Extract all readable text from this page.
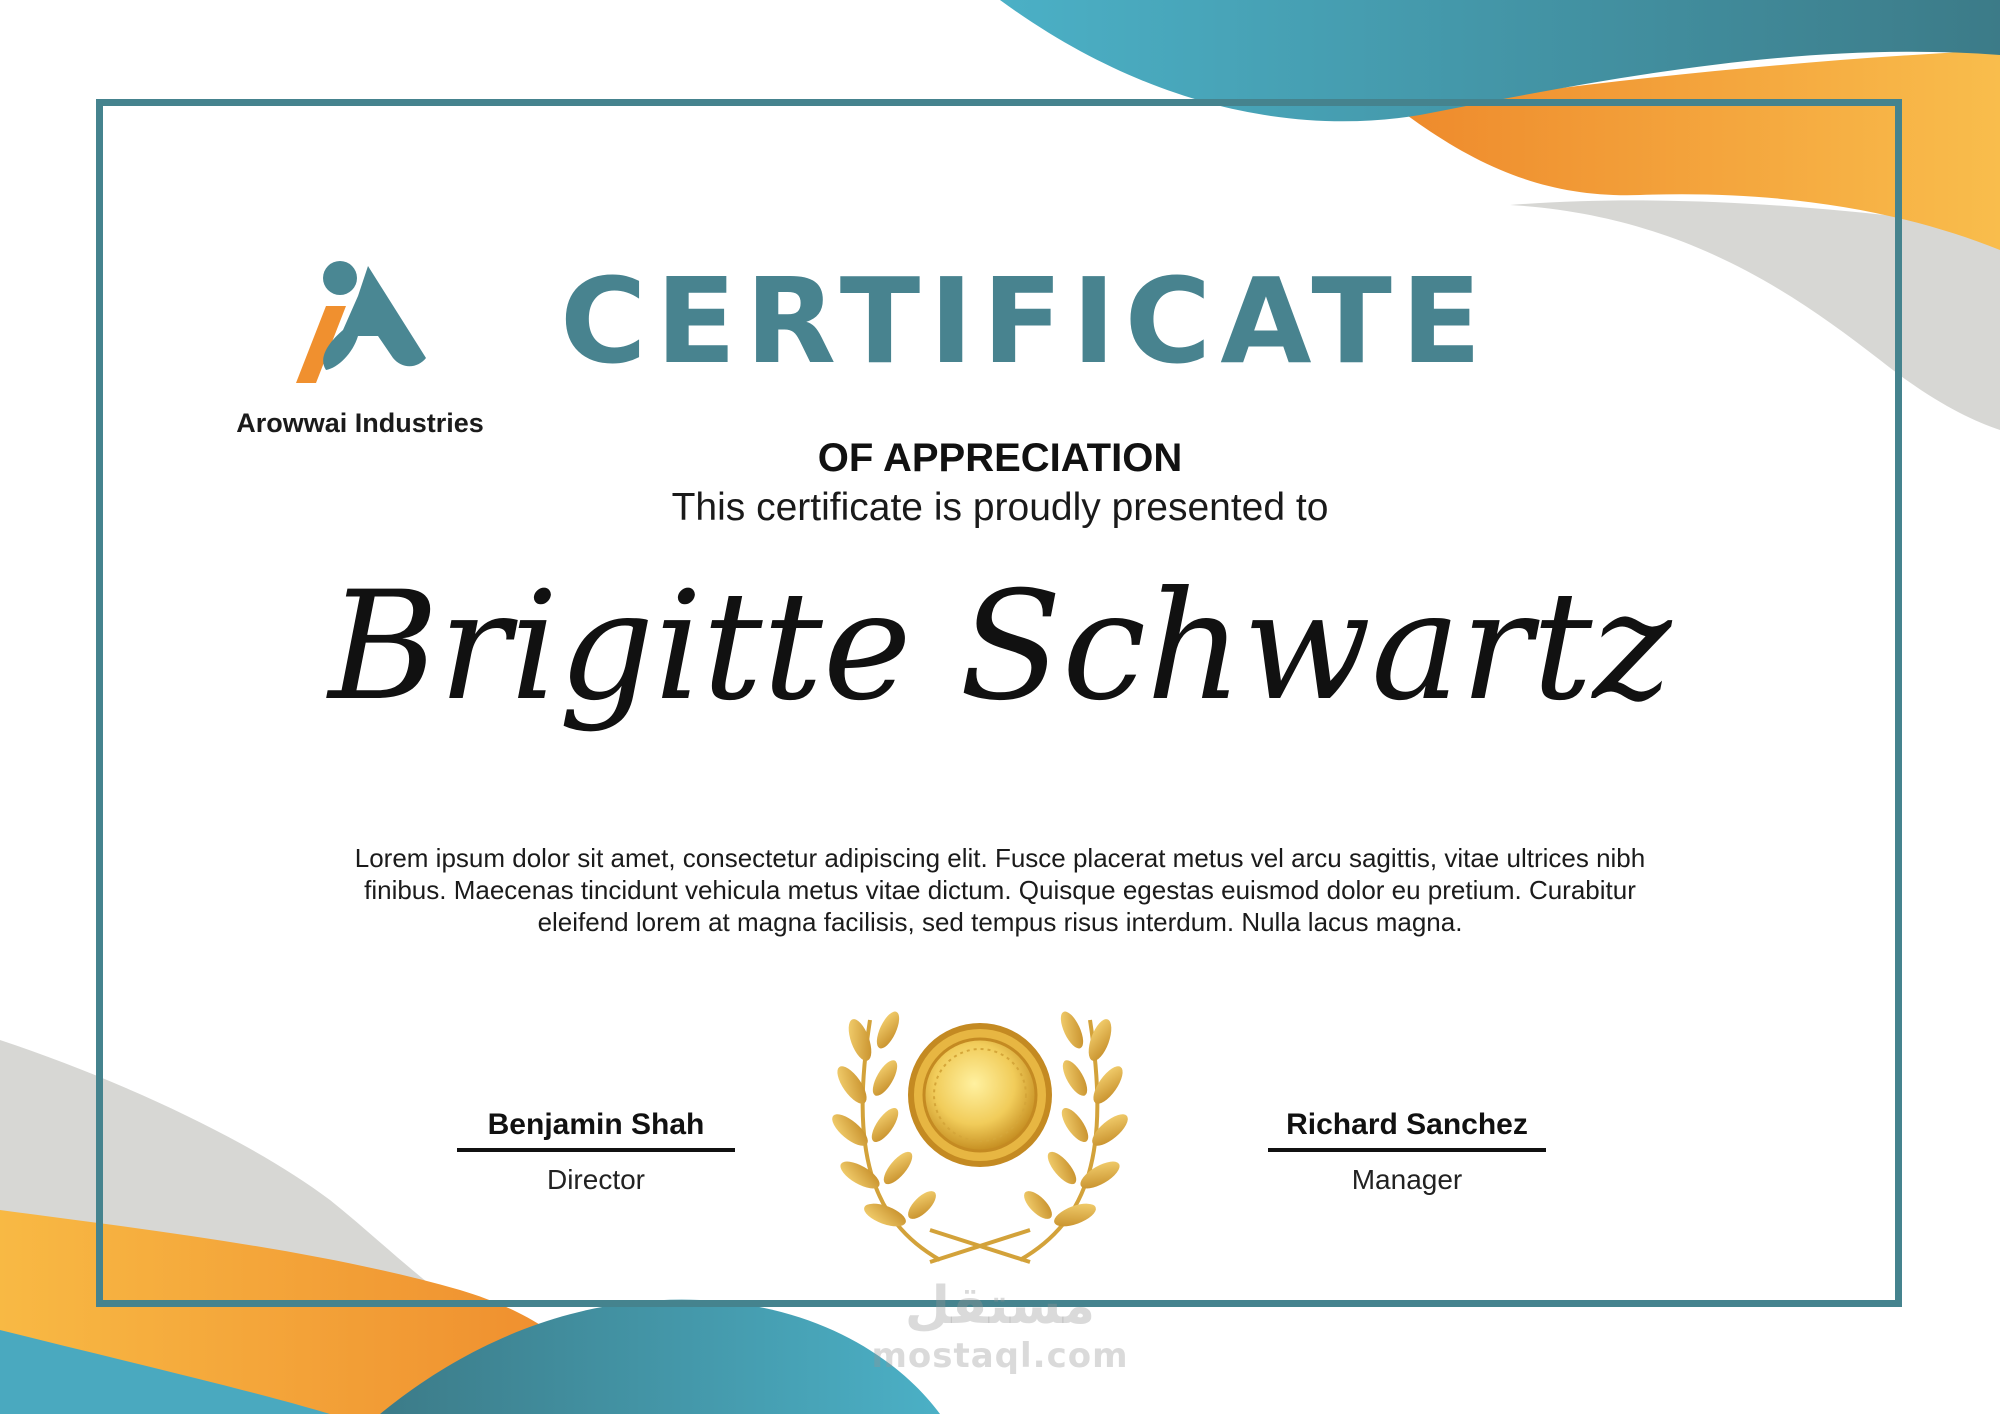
Arowwai Industries
CERTIFICATE
OF APPRECIATION
This certificate is proudly presented to
Brigitte Schwartz
Lorem ipsum dolor sit amet, consectetur adipiscing elit. Fusce placerat metus vel arcu sagittis, vitae ultrices nibh finibus. Maecenas tincidunt vehicula metus vitae dictum. Quisque egestas euismod dolor eu pretium. Curabitur eleifend lorem at magna facilisis, sed tempus risus interdum. Nulla lacus magna.
Benjamin Shah
Director
Richard Sanchez
Manager
مستقل
mostaql.com
